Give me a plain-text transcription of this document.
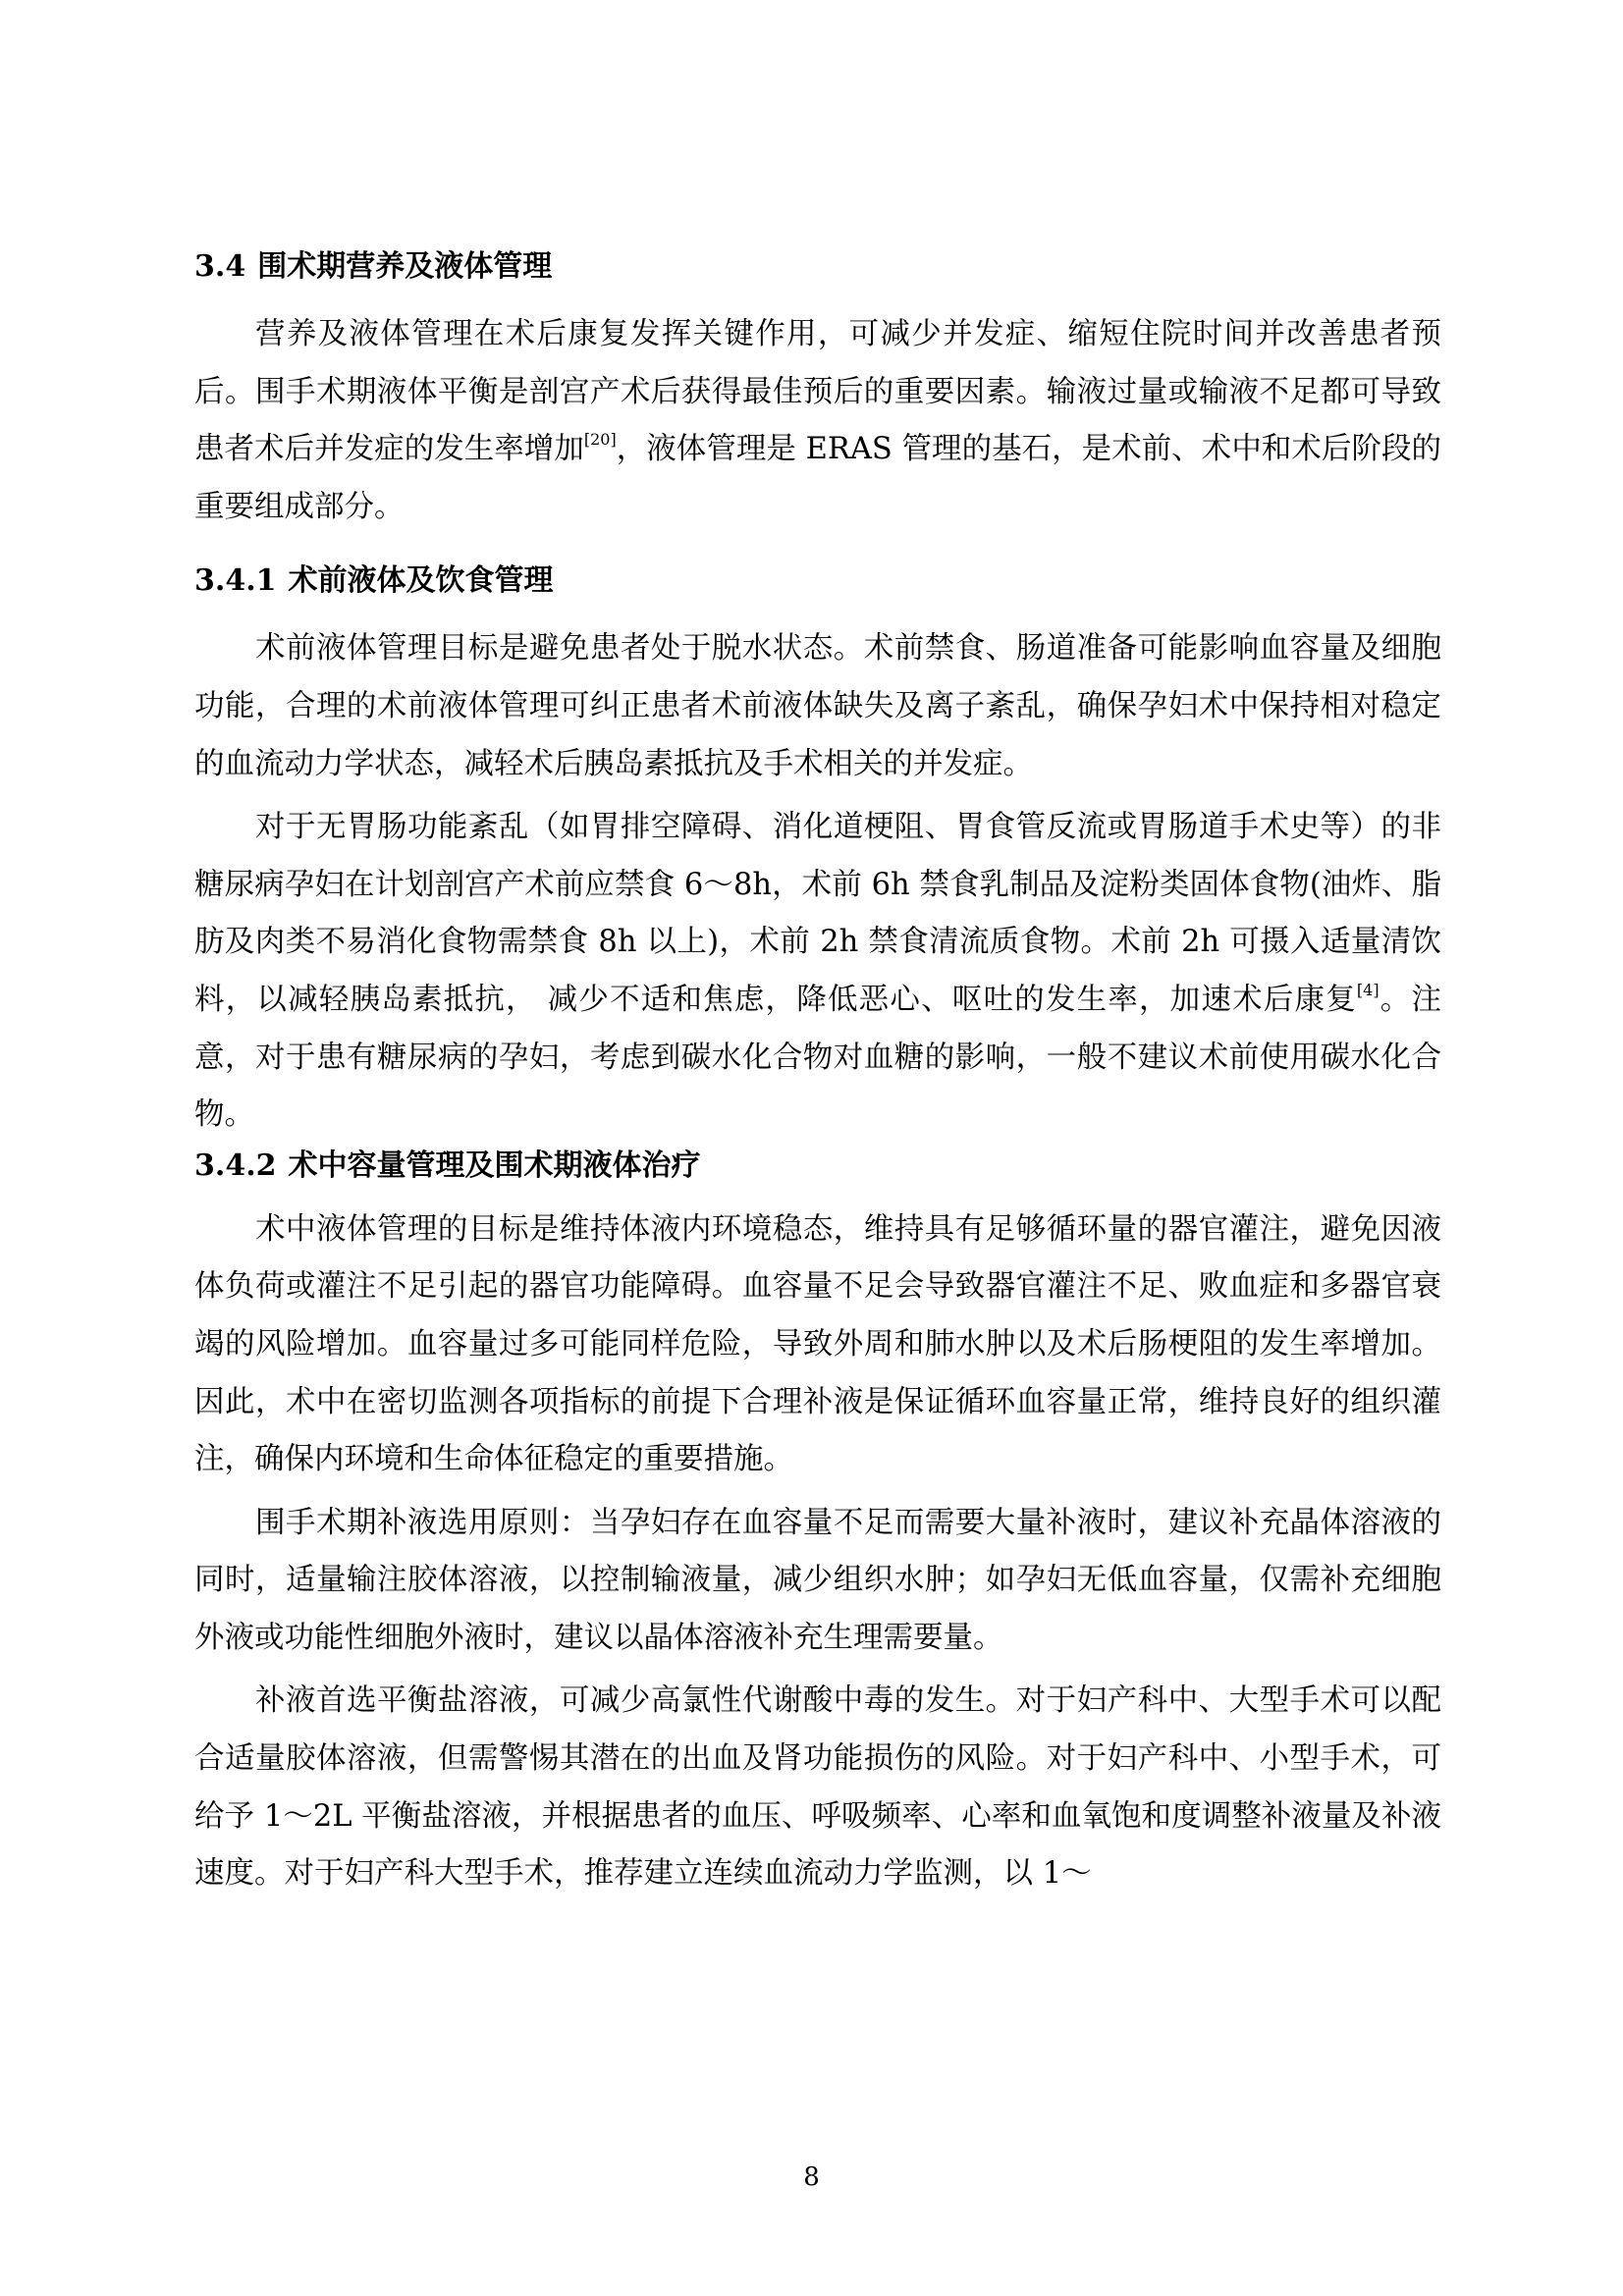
3.4 围术期营养及液体管理

营养及液体管理在术后康复发挥关键作用，可减少并发症、缩短住院时间并改善患者预后。围手术期液体平衡是剖宫产术后获得最佳预后的重要因素。输液过量或输液不足都可导致患者术后并发症的发生率增加[20]，液体管理是 ERAS 管理的基石，是术前、术中和术后阶段的重要组成部分。

3.4.1 术前液体及饮食管理

术前液体管理目标是避免患者处于脱水状态。术前禁食、肠道准备可能影响血容量及细胞功能，合理的术前液体管理可纠正患者术前液体缺失及离子紊乱，确保孕妇术中保持相对稳定的血流动力学状态，减轻术后胰岛素抵抗及手术相关的并发症。

对于无胃肠功能紊乱（如胃排空障碍、消化道梗阻、胃食管反流或胃肠道手术史等）的非糖尿病孕妇在计划剖宫产术前应禁食 6～8h，术前 6h 禁食乳制品及淀粉类固体食物(油炸、脂肪及肉类不易消化食物需禁食 8h 以上)，术前 2h 禁食清流质食物。术前 2h 可摄入适量清饮料，以减轻胰岛素抵抗， 减少不适和焦虑，降低恶心、呕吐的发生率，加速术后康复[4]。注意，对于患有糖尿病的孕妇，考虑到碳水化合物对血糖的影响，一般不建议术前使用碳水化合物。

3.4.2 术中容量管理及围术期液体治疗

术中液体管理的目标是维持体液内环境稳态，维持具有足够循环量的器官灌注，避免因液体负荷或灌注不足引起的器官功能障碍。血容量不足会导致器官灌注不足、败血症和多器官衰竭的风险增加。血容量过多可能同样危险，导致外周和肺水肿以及术后肠梗阻的发生率增加。因此，术中在密切监测各项指标的前提下合理补液是保证循环血容量正常，维持良好的组织灌注，确保内环境和生命体征稳定的重要措施。

围手术期补液选用原则：当孕妇存在血容量不足而需要大量补液时，建议补充晶体溶液的同时，适量输注胶体溶液，以控制输液量，减少组织水肿；如孕妇无低血容量，仅需补充细胞外液或功能性细胞外液时，建议以晶体溶液补充生理需要量。

补液首选平衡盐溶液，可减少高氯性代谢酸中毒的发生。对于妇产科中、大型手术可以配合适量胶体溶液，但需警惕其潜在的出血及肾功能损伤的风险。对于妇产科中、小型手术，可给予 1～2L 平衡盐溶液，并根据患者的血压、呼吸频率、心率和血氧饱和度调整补液量及补液速度。对于妇产科大型手术，推荐建立连续血流动力学监测，以 1～

8
